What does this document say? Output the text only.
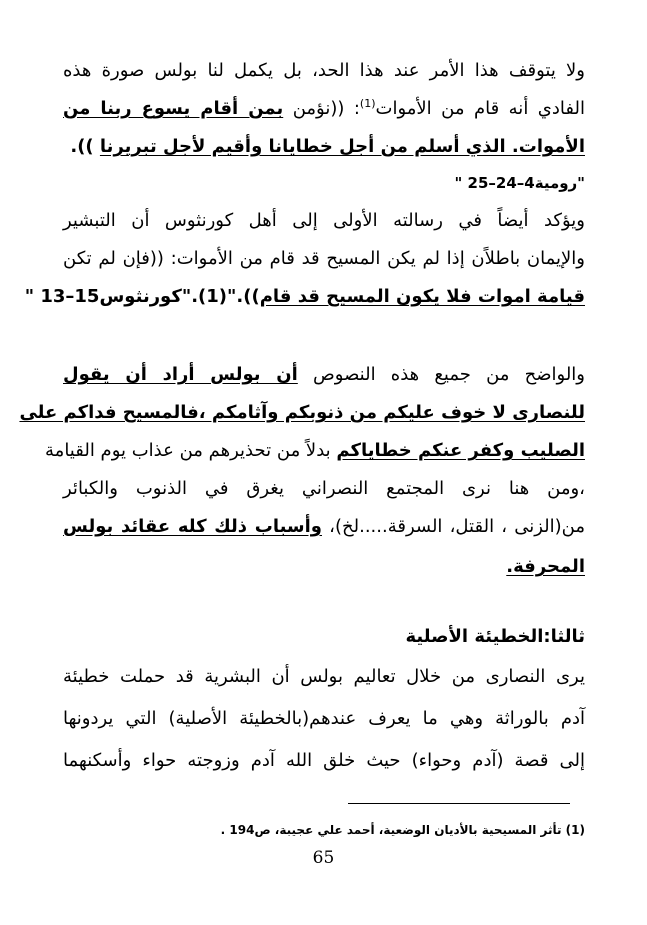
ولا يتوقف هذا الأمر عند هذا الحد، بل يكمل لنا بولس صورة هذه
الفادي أنه قام من الأموات$^{(1)}$: ((نؤمن بمن أقام يسوع ربنا من
الأموات. الذي أسلم من أجل خطايانا وأقيم لأجل تبريرنا )).
"رومية4–24–25 "
ويؤكد أيضاً في رسالته الأولى إلى أهل كورنثوس أن التبشير
والإيمان باطلاًن إذا لم يكن المسيح قد قام من الأموات: ((فإن لم تكن
قيامة اموات فلا يكون المسيح قد قام))."(1)."كورنثوس15–13 "
والواضح من جميع هذه النصوص أن بولس أراد أن يقول
للنصارى لا خوف عليكم من ذنوبكم وآثامكم ،فالمسيح فداكم على
الصليب وكفر عنكم خطاياكم بدلاً من تحذيرهم من عذاب يوم القيامة
،ومن هنا نرى المجتمع النصراني يغرق في الذنوب والكبائر
من(الزنى ، القتل، السرقة.....لخ)، وأسباب ذلك كله عقائد بولس
المحرفة.
ثالثا:الخطيئة الأصلية
يرى النصارى من خلال تعاليم بولس أن البشرية قد حملت خطيئة
آدم بالوراثة وهي ما يعرف عندهم(بالخطيئة الأصلية) التي يردونها
إلى قصة (آدم وحواء) حيث خلق الله آدم وزوجته حواء وأسكنهما
(1) تأثر المسيحية بالأديان الوضعية، أحمد علي عجيبة، ص194 .
65
